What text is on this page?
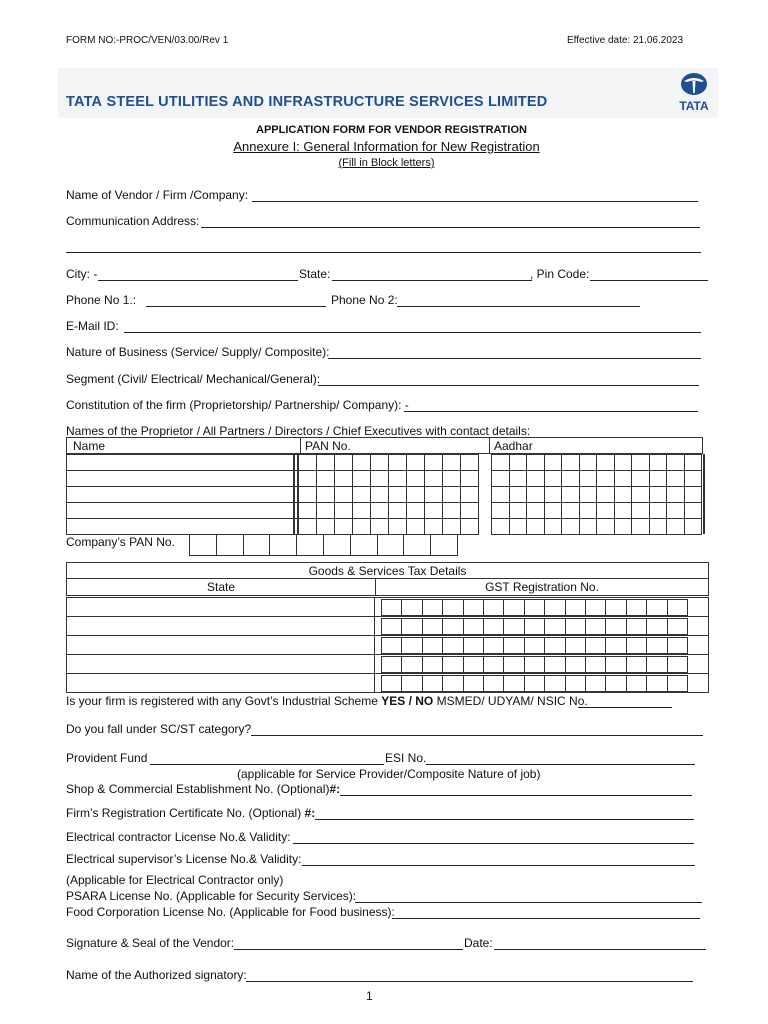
FORM NO:-PROC/VEN/03.00/Rev 1	Effective date: 21.06.2023
TATA STEEL UTILITIES AND INFRASTRUCTURE SERVICES LIMITED	TATA
APPLICATION FORM FOR VENDOR REGISTRATION
Annexure I: General Information for New Registration
(Fill in Block letters)
Name of Vendor / Firm /Company:
Communication Address:
City: -	State:	, Pin Code:
Phone No 1.:	Phone No 2:
E-Mail ID:
Nature of Business (Service/ Supply/ Composite):
Segment (Civil/ Electrical/ Mechanical/General):
Constitution of the firm (Proprietorship/ Partnership/ Company): -
Names of the Proprietor / All Partners / Directors / Chief Executives with contact details:
Name	PAN No.	Aadhar
Company’s PAN No.
Goods & Services Tax Details
State	GST Registration No.
Is your firm is registered with any Govt’s Industrial Scheme YES / NO MSMED/ UDYAM/ NSIC No.
Do you fall under SC/ST category?
Provident Fund	ESI No.
(applicable for Service Provider/Composite Nature of job)
Shop & Commercial Establishment No. (Optional)#:
Firm’s Registration Certificate No. (Optional) #:
Electrical contractor License No.& Validity:
Electrical supervisor’s License No.& Validity:
(Applicable for Electrical Contractor only)
PSARA License No. (Applicable for Security Services):
Food Corporation License No. (Applicable for Food business):
Signature & Seal of the Vendor:	Date:
Name of the Authorized signatory:
1
